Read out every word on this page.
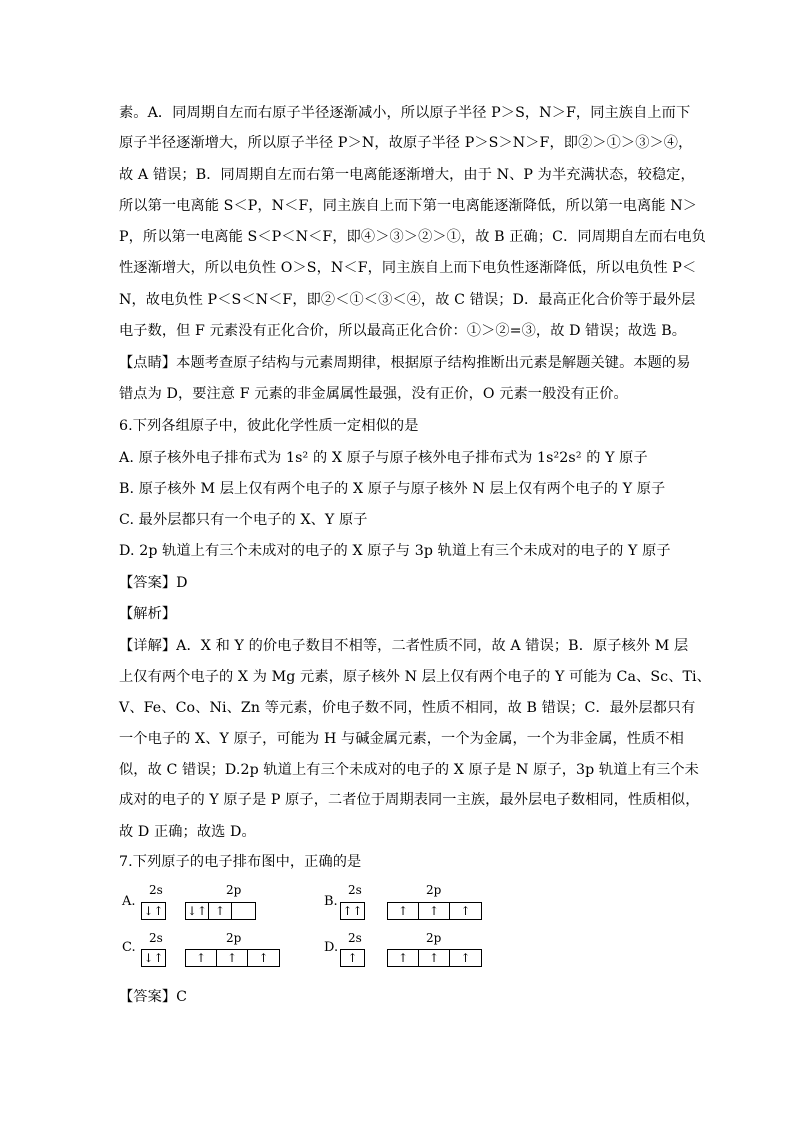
素。A．同周期自左而右原子半径逐渐减小，所以原子半径 P＞S，N＞F，同主族自上而下
原子半径逐渐增大，所以原子半径 P＞N，故原子半径 P＞S＞N＞F，即②＞①＞③＞④，
故 A 错误；B．同周期自左而右第一电离能逐渐增大，由于 N、P 为半充满状态，较稳定，
所以第一电离能 S＜P，N＜F，同主族自上而下第一电离能逐渐降低，所以第一电离能 N＞
P，所以第一电离能 S＜P＜N＜F，即④＞③＞②＞①，故 B 正确；C．同周期自左而右电负
性逐渐增大，所以电负性 O＞S，N＜F，同主族自上而下电负性逐渐降低，所以电负性 P＜
N，故电负性 P＜S＜N＜F，即②＜①＜③＜④，故 C 错误；D．最高正化合价等于最外层
电子数，但 F 元素没有正化合价，所以最高正化合价：①＞②=③，故 D 错误；故选 B。
【点睛】本题考查原子结构与元素周期律，根据原子结构推断出元素是解题关键。本题的易
错点为 D，要注意 F 元素的非金属属性最强，没有正价，O 元素一般没有正价。
6.下列各组原子中，彼此化学性质一定相似的是
A. 原子核外电子排布式为 1s² 的 X 原子与原子核外电子排布式为 1s²2s² 的 Y 原子
B. 原子核外 M 层上仅有两个电子的 X 原子与原子核外 N 层上仅有两个电子的 Y 原子
C. 最外层都只有一个电子的 X、Y 原子
D. 2p 轨道上有三个未成对的电子的 X 原子与 3p 轨道上有三个未成对的电子的 Y 原子
【答案】D
【解析】
【详解】A．X 和 Y 的价电子数目不相等，二者性质不同，故 A 错误；B．原子核外 M 层
上仅有两个电子的 X 为 Mg 元素，原子核外 N 层上仅有两个电子的 Y 可能为 Ca、Sc、Ti、
V、Fe、Co、Ni、Zn 等元素，价电子数不同，性质不相同，故 B 错误；C．最外层都只有
一个电子的 X、Y 原子，可能为 H 与碱金属元素，一个为金属，一个为非金属，性质不相
似，故 C 错误；D.2p 轨道上有三个未成对的电子的 X 原子是 N 原子，3p 轨道上有三个未
成对的电子的 Y 原子是 P 原子，二者位于周期表同一主族，最外层电子数相同，性质相似，
故 D 正确；故选 D。
7.下列原子的电子排布图中，正确的是
A.
2s	2p
↓↑ ↓↑ ↑
B.
2s	2p
↑↑	↑	↑	↑
C.
2s	2p
↓↑	↑	↑	↑
D.
2s	2p
↑	↑	↑	↑
【答案】C
